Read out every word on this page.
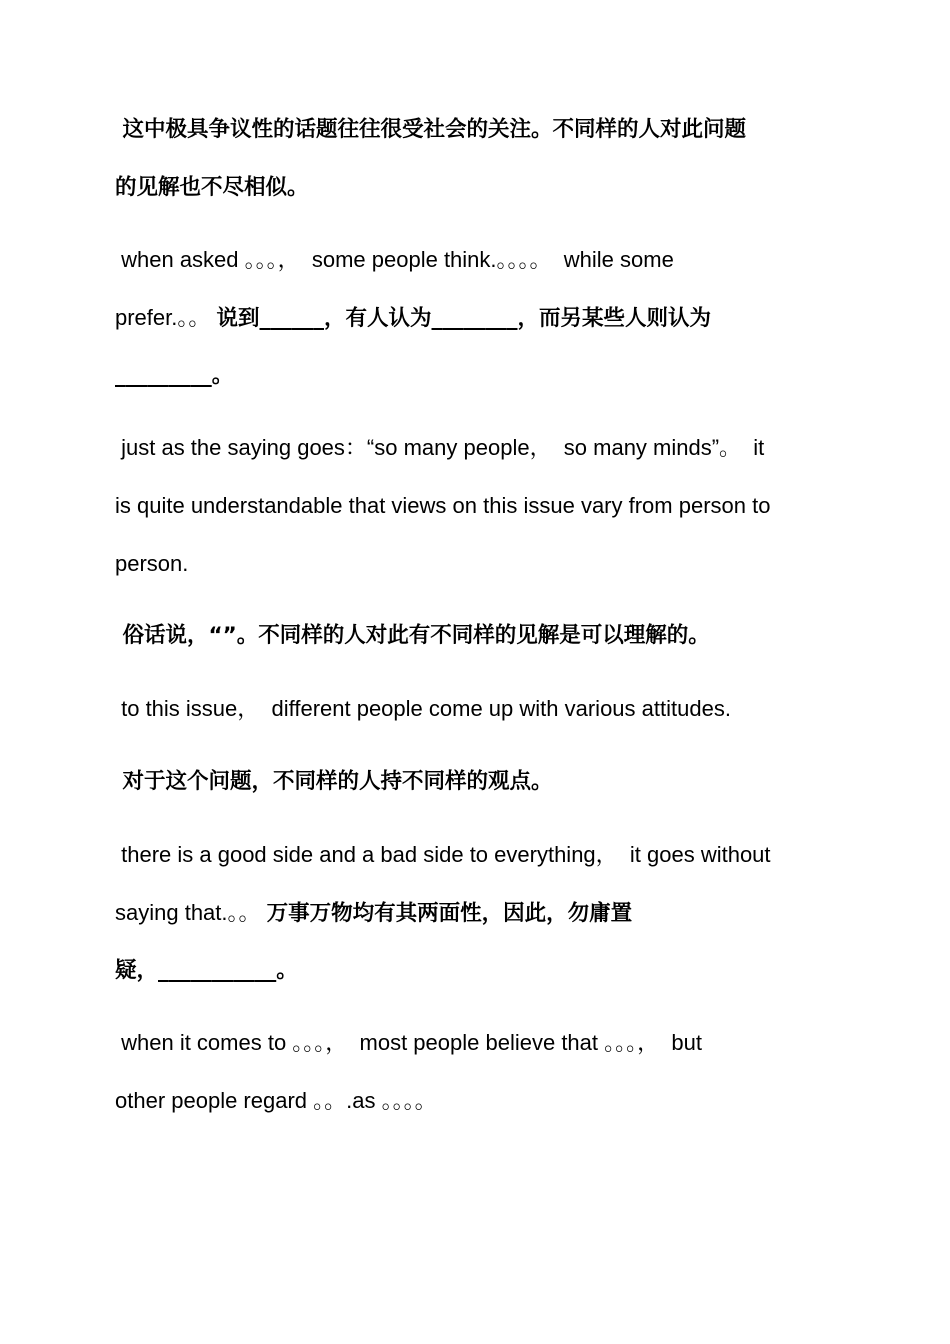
这中极具争议性的话题往往很受社会的关注。不同样的人对此问题
的见解也不尽相似。
when asked 。。。，  some people think.。。。。  while some
prefer.。。 说到______，有人认为________，而另某些人则认为
_________。
just as the saying goes：“so many people，  so many minds”。  it
is quite understandable that views on this issue vary from person to
person.
俗话说，“”。不同样的人对此有不同样的见解是可以理解的。
to this issue，  different people come up with various attitudes.
对于这个问题，不同样的人持不同样的观点。
there is a good side and a bad side to everything，  it goes without
saying that.。。 万事万物均有其两面性，因此，勿庸置
疑，___________。
when it comes to 。。。，  most people believe that 。。。，  but
other people regard 。。.as 。。。。
